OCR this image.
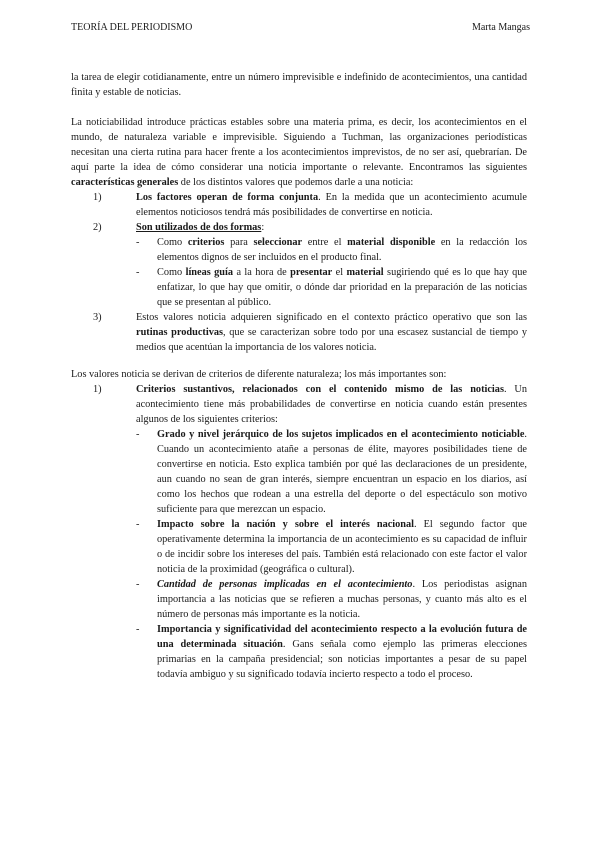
TEORÍA DEL PERIODISMO	Marta Mangas

la tarea de elegir cotidianamente, entre un número imprevisible e indefinido de acontecimientos, una cantidad finita y estable de noticias.

La noticiabilidad introduce prácticas estables sobre una materia prima, es decir, los acontecimientos en el mundo, de naturaleza variable e imprevisible. Siguiendo a Tuchman, las organizaciones periodísticas necesitan una cierta rutina para hacer frente a los acontecimientos imprevistos, de no ser así, quebrarían. De aquí parte la idea de cómo considerar una noticia importante o relevante. Encontramos las siguientes características generales de los distintos valores que podemos darle a una noticia:

1)	Los factores operan de forma conjunta. En la medida que un acontecimiento acumule elementos noticiosos tendrá más posibilidades de convertirse en noticia.
2)	Son utilizados de dos formas:
- Como criterios para seleccionar entre el material disponible en la redacción los elementos dignos de ser incluidos en el producto final.
- Como líneas guía a la hora de presentar el material sugiriendo qué es lo que hay que enfatizar, lo que hay que omitir, o dónde dar prioridad en la preparación de las noticias que se presentan al público.
3)	Estos valores noticia adquieren significado en el contexto práctico operativo que son las rutinas productivas, que se caracterizan sobre todo por una escasez sustancial de tiempo y medios que acentúan la importancia de los valores noticia.

Los valores noticia se derivan de criterios de diferente naturaleza; los más importantes son:

1)	Criterios sustantivos, relacionados con el contenido mismo de las noticias. Un acontecimiento tiene más probabilidades de convertirse en noticia cuando están presentes algunos de los siguientes criterios:
- Grado y nivel jerárquico de los sujetos implicados en el acontecimiento noticiable. Cuando un acontecimiento atañe a personas de élite, mayores posibilidades tiene de convertirse en noticia. Esto explica también por qué las declaraciones de un presidente, aun cuando no sean de gran interés, siempre encuentran un espacio en los diarios, así como los hechos que rodean a una estrella del deporte o del espectáculo son motivo suficiente para que merezcan un espacio.
- Impacto sobre la nación y sobre el interés nacional. El segundo factor que operativamente determina la importancia de un acontecimiento es su capacidad de influir o de incidir sobre los intereses del país. También está relacionado con este factor el valor noticia de la proximidad (geográfica o cultural).
- Cantidad de personas implicadas en el acontecimiento. Los periodistas asignan importancia a las noticias que se refieren a muchas personas, y cuanto más alto es el número de personas más importante es la noticia.
- Importancia y significatividad del acontecimiento respecto a la evolución futura de una determinada situación. Gans señala como ejemplo las primeras elecciones primarias en la campaña presidencial; son noticias importantes a pesar de su papel todavía ambiguo y su significado todavía incierto respecto a todo el proceso.
